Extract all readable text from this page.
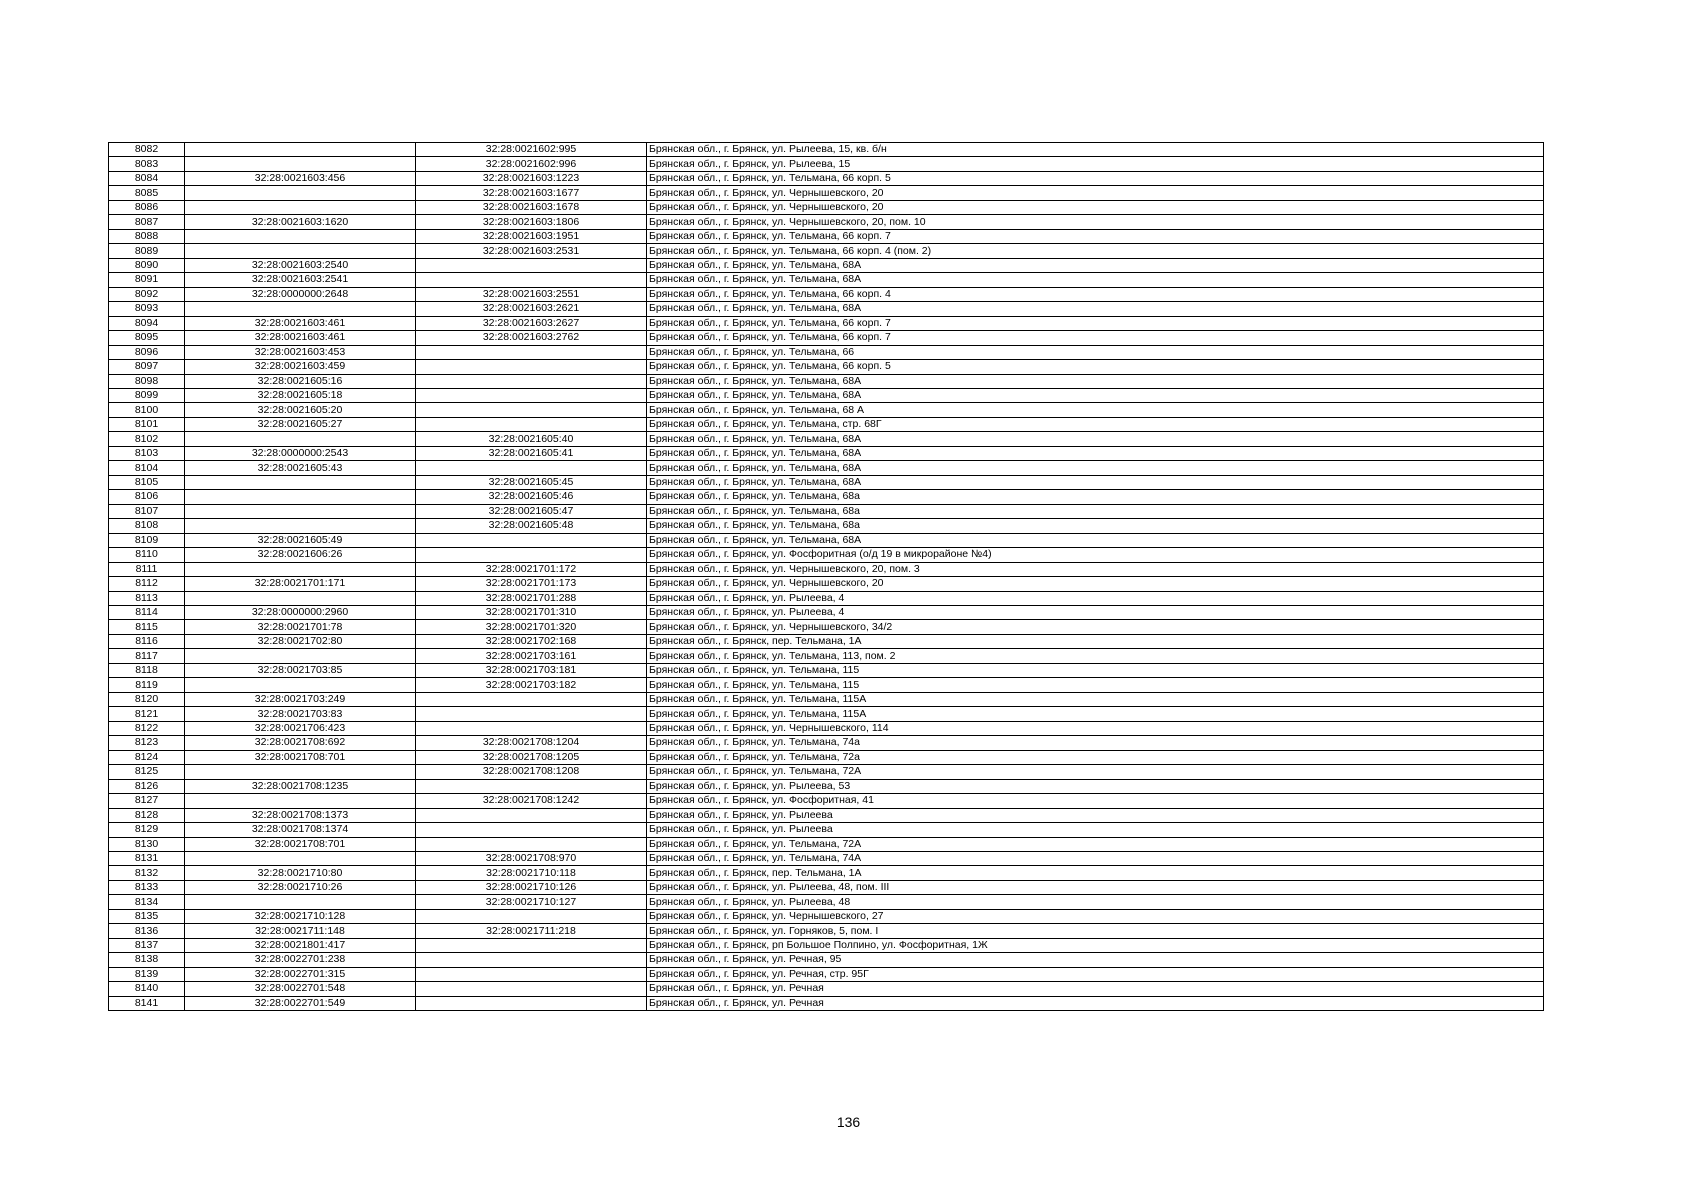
8082		32:28:0021602:995	Брянская обл., г. Брянск, ул. Рылеева, 15, кв. б/н
8083		32:28:0021602:996	Брянская обл., г. Брянск, ул. Рылеева, 15
8084	32:28:0021603:456	32:28:0021603:1223	Брянская обл., г. Брянск, ул. Тельмана, 66 корп. 5
8085		32:28:0021603:1677	Брянская обл., г. Брянск, ул. Чернышевского, 20
8086		32:28:0021603:1678	Брянская обл., г. Брянск, ул. Чернышевского, 20
8087	32:28:0021603:1620	32:28:0021603:1806	Брянская обл., г. Брянск, ул. Чернышевского, 20, пом. 10
8088		32:28:0021603:1951	Брянская обл., г. Брянск, ул. Тельмана, 66 корп. 7
8089		32:28:0021603:2531	Брянская обл., г. Брянск, ул. Тельмана, 66 корп. 4 (пом. 2)
8090	32:28:0021603:2540		Брянская обл., г. Брянск, ул. Тельмана, 68А
8091	32:28:0021603:2541		Брянская обл., г. Брянск, ул. Тельмана, 68А
8092	32:28:0000000:2648	32:28:0021603:2551	Брянская обл., г. Брянск, ул. Тельмана, 66 корп. 4
8093		32:28:0021603:2621	Брянская обл., г. Брянск, ул. Тельмана, 68А
8094	32:28:0021603:461	32:28:0021603:2627	Брянская обл., г. Брянск, ул. Тельмана, 66 корп. 7
8095	32:28:0021603:461	32:28:0021603:2762	Брянская обл., г. Брянск, ул. Тельмана, 66 корп. 7
8096	32:28:0021603:453		Брянская обл., г. Брянск, ул. Тельмана, 66
8097	32:28:0021603:459		Брянская обл., г. Брянск, ул. Тельмана, 66 корп. 5
8098	32:28:0021605:16		Брянская обл., г. Брянск, ул. Тельмана, 68А
8099	32:28:0021605:18		Брянская обл., г. Брянск, ул. Тельмана, 68А
8100	32:28:0021605:20		Брянская обл., г. Брянск, ул. Тельмана, 68 А
8101	32:28:0021605:27		Брянская обл., г. Брянск, ул. Тельмана, стр. 68Г
8102		32:28:0021605:40	Брянская обл., г. Брянск, ул. Тельмана, 68А
8103	32:28:0000000:2543	32:28:0021605:41	Брянская обл., г. Брянск, ул. Тельмана, 68А
8104	32:28:0021605:43		Брянская обл., г. Брянск, ул. Тельмана, 68А
8105		32:28:0021605:45	Брянская обл., г. Брянск, ул. Тельмана, 68А
8106		32:28:0021605:46	Брянская обл., г. Брянск, ул. Тельмана, 68а
8107		32:28:0021605:47	Брянская обл., г. Брянск, ул. Тельмана, 68а
8108		32:28:0021605:48	Брянская обл., г. Брянск, ул. Тельмана, 68а
8109	32:28:0021605:49		Брянская обл., г. Брянск, ул. Тельмана, 68А
8110	32:28:0021606:26		Брянская обл., г. Брянск, ул. Фосфоритная (о/д 19 в микрорайоне №4)
8111		32:28:0021701:172	Брянская обл., г. Брянск, ул. Чернышевского, 20, пом. 3
8112	32:28:0021701:171	32:28:0021701:173	Брянская обл., г. Брянск, ул. Чернышевского, 20
8113		32:28:0021701:288	Брянская обл., г. Брянск, ул. Рылеева, 4
8114	32:28:0000000:2960	32:28:0021701:310	Брянская обл., г. Брянск, ул. Рылеева, 4
8115	32:28:0021701:78	32:28:0021701:320	Брянская обл., г. Брянск, ул. Чернышевского, 34/2
8116	32:28:0021702:80	32:28:0021702:168	Брянская обл., г. Брянск, пер. Тельмана, 1А
8117		32:28:0021703:161	Брянская обл., г. Брянск, ул. Тельмана, 113, пом. 2
8118	32:28:0021703:85	32:28:0021703:181	Брянская обл., г. Брянск, ул. Тельмана, 115
8119		32:28:0021703:182	Брянская обл., г. Брянск, ул. Тельмана, 115
8120	32:28:0021703:249		Брянская обл., г. Брянск, ул. Тельмана, 115А
8121	32:28:0021703:83		Брянская обл., г. Брянск, ул. Тельмана, 115А
8122	32:28:0021706:423		Брянская обл., г. Брянск, ул. Чернышевского, 114
8123	32:28:0021708:692	32:28:0021708:1204	Брянская обл., г. Брянск, ул. Тельмана, 74а
8124	32:28:0021708:701	32:28:0021708:1205	Брянская обл., г. Брянск, ул. Тельмана, 72а
8125		32:28:0021708:1208	Брянская обл., г. Брянск, ул. Тельмана, 72А
8126	32:28:0021708:1235		Брянская обл., г. Брянск, ул. Рылеева, 53
8127		32:28:0021708:1242	Брянская обл., г. Брянск, ул. Фосфоритная, 41
8128	32:28:0021708:1373		Брянская обл., г. Брянск, ул. Рылеева
8129	32:28:0021708:1374		Брянская обл., г. Брянск, ул. Рылеева
8130	32:28:0021708:701		Брянская обл., г. Брянск, ул. Тельмана, 72А
8131		32:28:0021708:970	Брянская обл., г. Брянск, ул. Тельмана, 74А
8132	32:28:0021710:80	32:28:0021710:118	Брянская обл., г. Брянск, пер. Тельмана, 1А
8133	32:28:0021710:26	32:28:0021710:126	Брянская обл., г. Брянск, ул. Рылеева, 48, пом. III
8134		32:28:0021710:127	Брянская обл., г. Брянск, ул. Рылеева, 48
8135	32:28:0021710:128		Брянская обл., г. Брянск, ул. Чернышевского, 27
8136	32:28:0021711:148	32:28:0021711:218	Брянская обл., г. Брянск, ул. Горняков, 5, пом. I
8137	32:28:0021801:417		Брянская обл., г. Брянск, рп Большое Полпино, ул. Фосфоритная, 1Ж
8138	32:28:0022701:238		Брянская обл., г. Брянск, ул. Речная, 95
8139	32:28:0022701:315		Брянская обл., г. Брянск, ул. Речная, стр. 95Г
8140	32:28:0022701:548		Брянская обл., г. Брянск, ул. Речная
8141	32:28:0022701:549		Брянская обл., г. Брянск, ул. Речная
136
